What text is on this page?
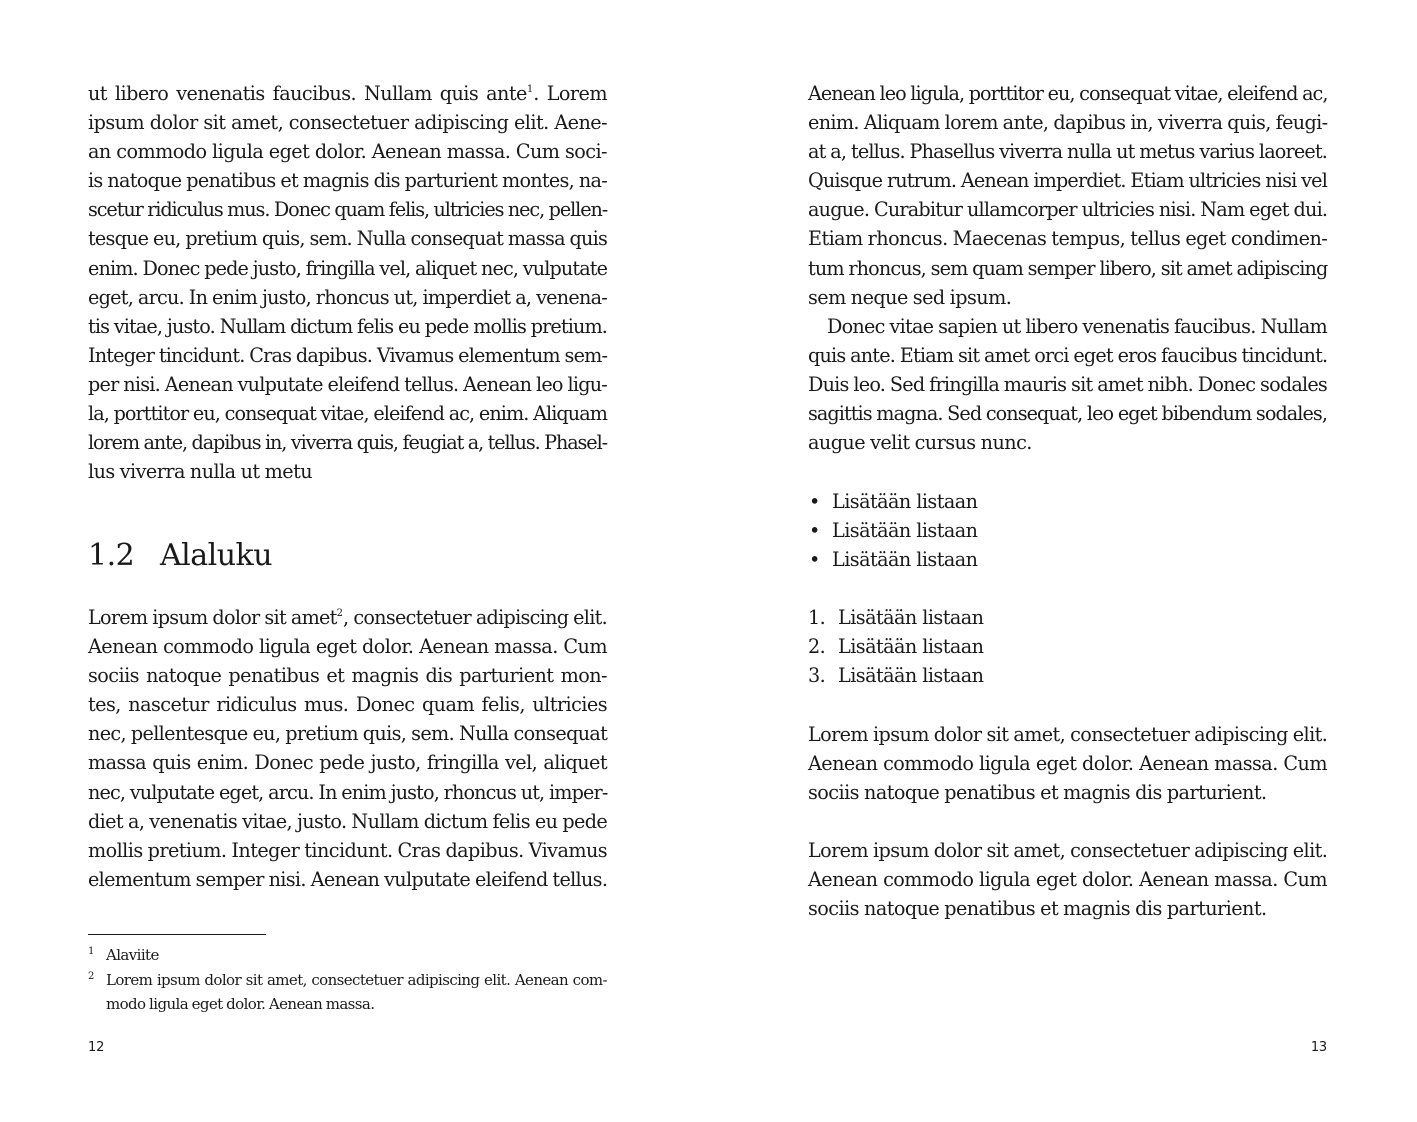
ut libero venenatis faucibus. Nullam quis ante$^1$. Lorem
ipsum dolor sit amet, consectetuer adipiscing elit. Aene-
an commodo ligula eget dolor. Aenean massa. Cum soci-
is natoque penatibus et magnis dis parturient montes, na-
scetur ridiculus mus. Donec quam felis, ultricies nec, pellen-
tesque eu, pretium quis, sem. Nulla consequat massa quis
enim. Donec pede justo, fringilla vel, aliquet nec, vulputate
eget, arcu. In enim justo, rhoncus ut, imperdiet a, venena-
tis vitae, justo. Nullam dictum felis eu pede mollis pretium.
Integer tincidunt. Cras dapibus. Vivamus elementum sem-
per nisi. Aenean vulputate eleifend tellus. Aenean leo ligu-
la, porttitor eu, consequat vitae, eleifend ac, enim. Aliquam
lorem ante, dapibus in, viverra quis, feugiat a, tellus. Phasel-
lus viverra nulla ut metu
1.2 Alaluku
Lorem ipsum dolor sit amet$^2$, consectetuer adipiscing elit.
Aenean commodo ligula eget dolor. Aenean massa. Cum
sociis natoque penatibus et magnis dis parturient mon-
tes, nascetur ridiculus mus. Donec quam felis, ultricies
nec, pellentesque eu, pretium quis, sem. Nulla consequat
massa quis enim. Donec pede justo, fringilla vel, aliquet
nec, vulputate eget, arcu. In enim justo, rhoncus ut, imper-
diet a, venenatis vitae, justo. Nullam dictum felis eu pede
mollis pretium. Integer tincidunt. Cras dapibus. Vivamus
elementum semper nisi. Aenean vulputate eleifend tellus.
1 Alaviite
2 Lorem ipsum dolor sit amet, consectetuer adipiscing elit. Aenean com-
modo ligula eget dolor. Aenean massa.
12

Aenean leo ligula, porttitor eu, consequat vitae, eleifend ac,
enim. Aliquam lorem ante, dapibus in, viverra quis, feugi-
at a, tellus. Phasellus viverra nulla ut metus varius laoreet.
Quisque rutrum. Aenean imperdiet. Etiam ultricies nisi vel
augue. Curabitur ullamcorper ultricies nisi. Nam eget dui.
Etiam rhoncus. Maecenas tempus, tellus eget condimen-
tum rhoncus, sem quam semper libero, sit amet adipiscing
sem neque sed ipsum.

Donec vitae sapien ut libero venenatis faucibus. Nullam
quis ante. Etiam sit amet orci eget eros faucibus tincidunt.
Duis leo. Sed fringilla mauris sit amet nibh. Donec sodales
sagittis magna. Sed consequat, leo eget bibendum sodales,
augue velit cursus nunc.

• Lisätään listaan
• Lisätään listaan
• Lisätään listaan
1. Lisätään listaan
2. Lisätään listaan
3. Lisätään listaan
Lorem ipsum dolor sit amet, consectetuer adipiscing elit.
Aenean commodo ligula eget dolor. Aenean massa. Cum
sociis natoque penatibus et magnis dis parturient.
Lorem ipsum dolor sit amet, consectetuer adipiscing elit.
Aenean commodo ligula eget dolor. Aenean massa. Cum
sociis natoque penatibus et magnis dis parturient.
13
